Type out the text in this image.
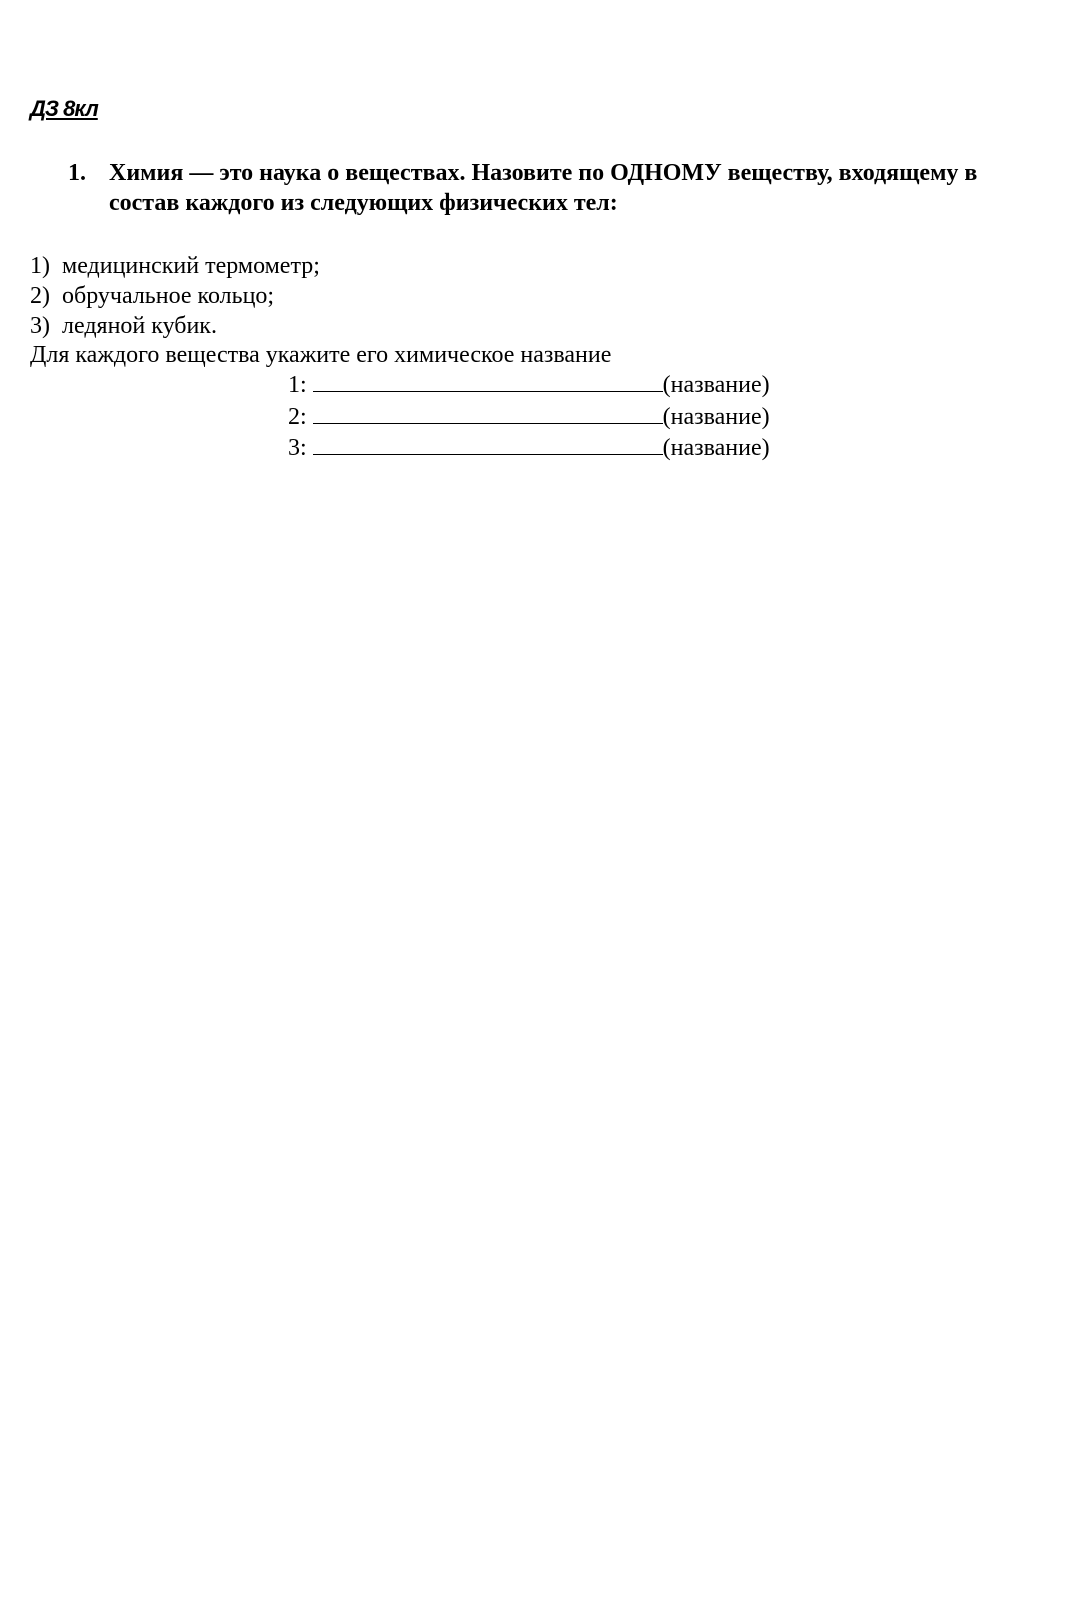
ДЗ 8кл
1. Химия — это наука о веществах. Назовите по ОДНОМУ веществу, входящему в состав каждого из следующих физических тел:
1) медицинский термометр;
2) обручальное кольцо;
3) ледяной кубик.
Для каждого вещества укажите его химическое название
1:	(название)
2:	(название)
3:	(название)
